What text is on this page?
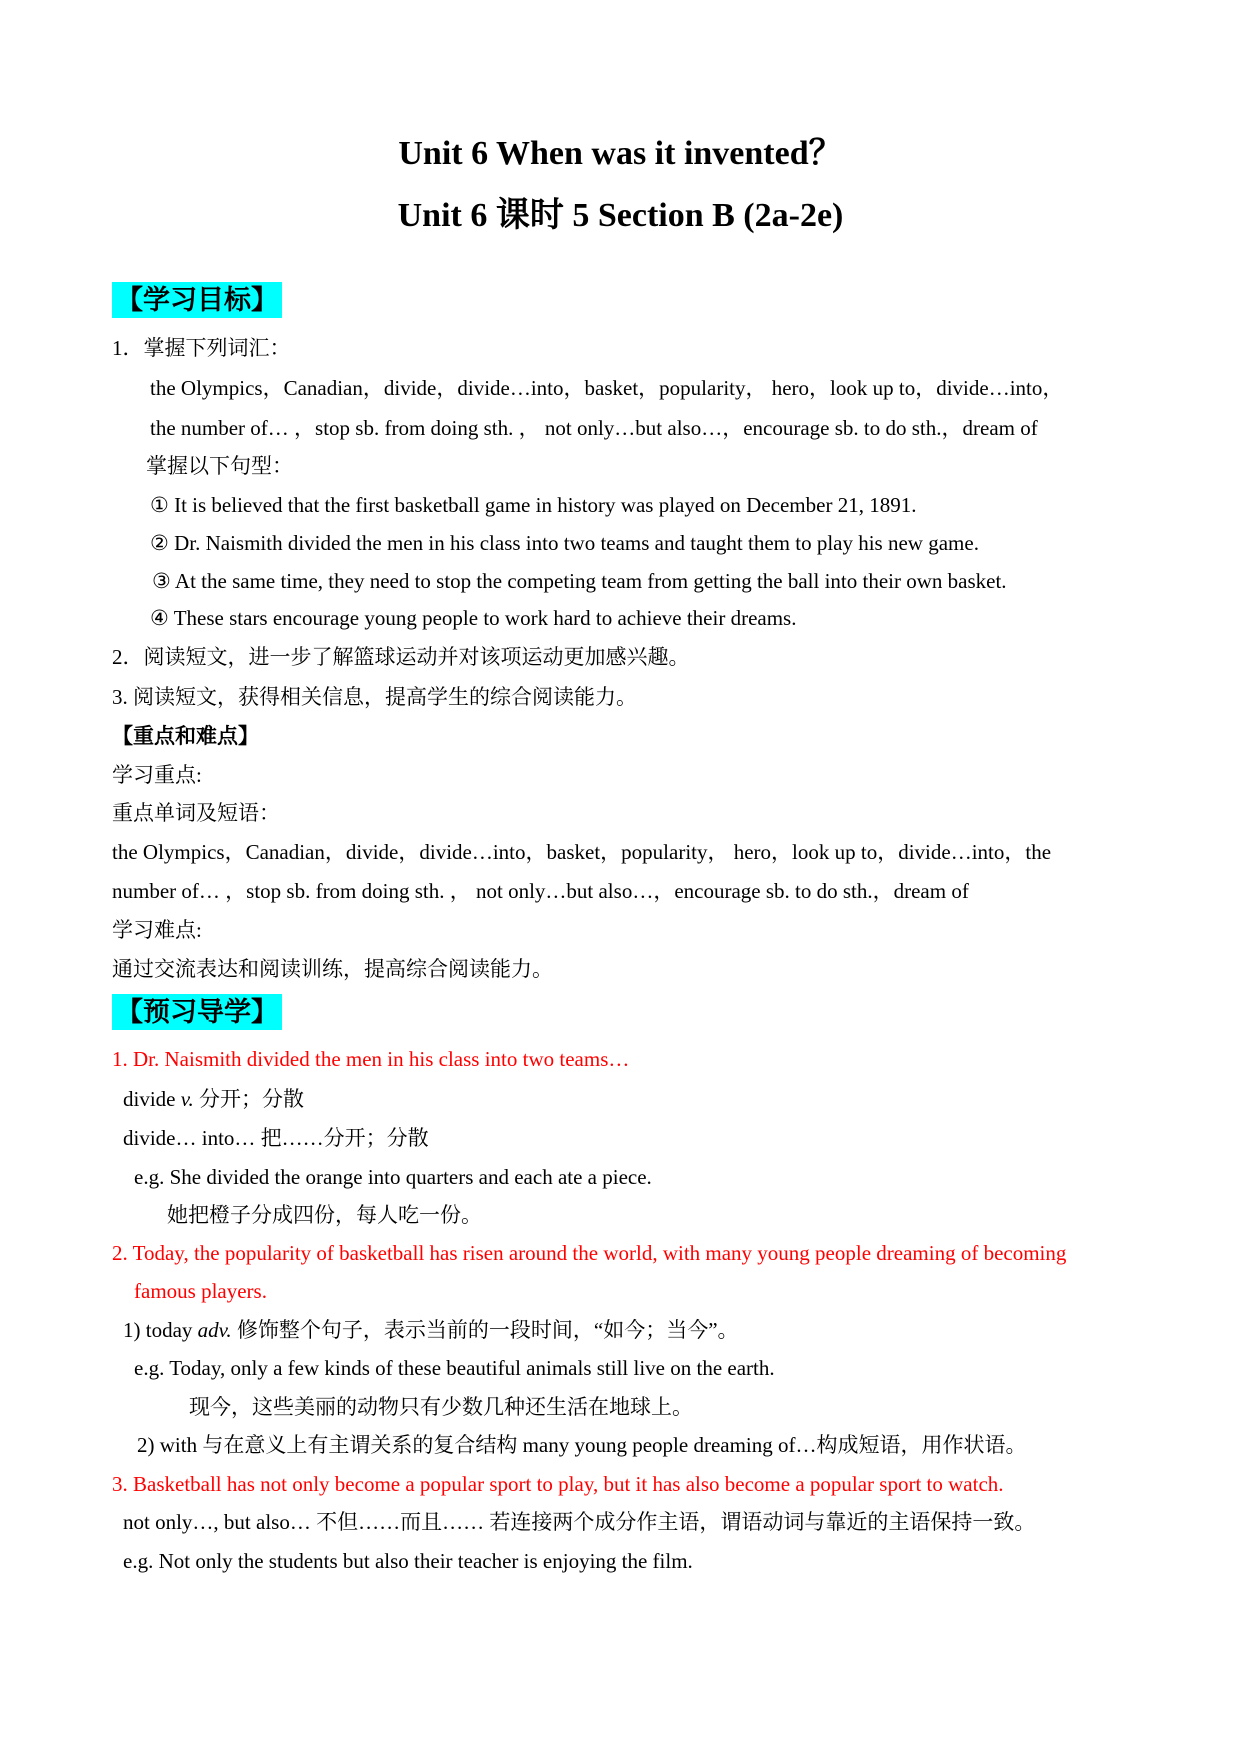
Unit 6 When was it invented？
Unit 6 课时 5 Section B (2a-2e)
【学习目标】
1．掌握下列词汇：
the Olympics，Canadian，divide，divide…into，basket，popularity， hero，look up to，divide…into，
the number of… ，stop sb. from doing sth. ， not only…but also…，encourage sb. to do sth.，dream of
掌握以下句型：
① It is believed that the first basketball game in history was played on December 21, 1891.
② Dr. Naismith divided the men in his class into two teams and taught them to play his new game.
③ At the same time, they need to stop the competing team from getting the ball into their own basket.
④ These stars encourage young people to work hard to achieve their dreams.
2．阅读短文，进一步了解篮球运动并对该项运动更加感兴趣。
3. 阅读短文，获得相关信息，提高学生的综合阅读能力。
【重点和难点】
学习重点:
重点单词及短语：
the Olympics，Canadian，divide，divide…into，basket，popularity， hero，look up to，divide…into，the
number of… ，stop sb. from doing sth. ， not only…but also…，encourage sb. to do sth.，dream of
学习难点:
通过交流表达和阅读训练，提高综合阅读能力。
【预习导学】
1. Dr. Naismith divided the men in his class into two teams…
divide v. 分开；分散
divide… into… 把……分开；分散
e.g. She divided the orange into quarters and each ate a piece.
她把橙子分成四份，每人吃一份。
2. Today, the popularity of basketball has risen around the world, with many young people dreaming of becoming
famous players.
1) today adv. 修饰整个句子，表示当前的一段时间，“如今；当今”。
e.g. Today, only a few kinds of these beautiful animals still live on the earth.
现今，这些美丽的动物只有少数几种还生活在地球上。
2) with 与在意义上有主谓关系的复合结构 many young people dreaming of…构成短语，用作状语。
3. Basketball has not only become a popular sport to play, but it has also become a popular sport to watch.
not only…, but also… 不但……而且…… 若连接两个成分作主语，谓语动词与靠近的主语保持一致。
e.g. Not only the students but also their teacher is enjoying the film.
